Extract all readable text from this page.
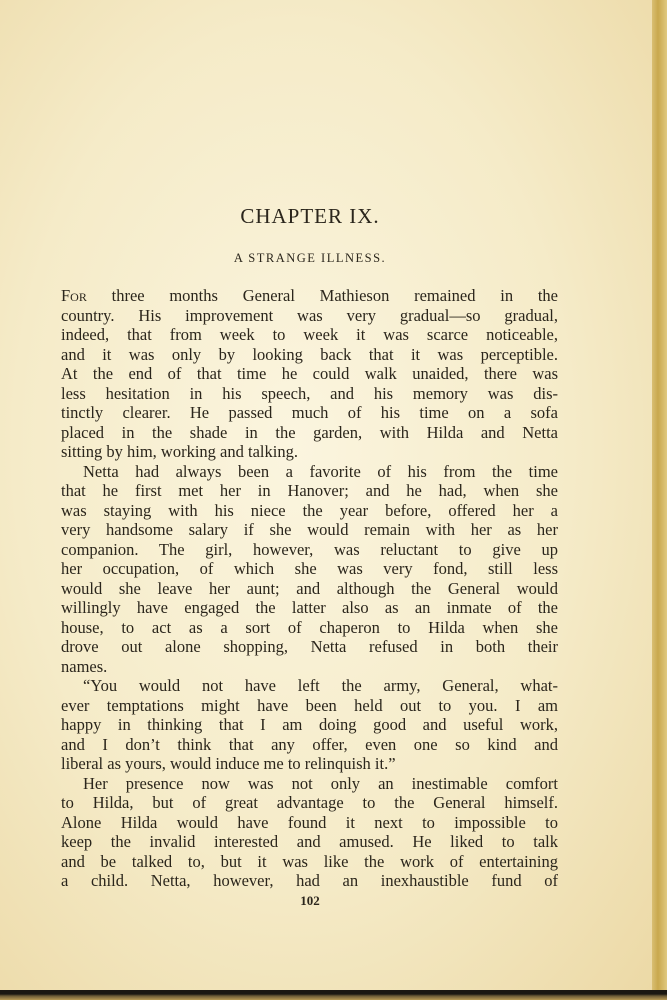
CHAPTER IX.
A STRANGE ILLNESS.
For three months General Mathieson remained in the
country. His improvement was very gradual—so gradual,
indeed, that from week to week it was scarce noticeable,
and it was only by looking back that it was perceptible.
At the end of that time he could walk unaided, there was
less hesitation in his speech, and his memory was dis-
tinctly clearer. He passed much of his time on a sofa
placed in the shade in the garden, with Hilda and Netta
sitting by him, working and talking.
Netta had always been a favorite of his from the time
that he first met her in Hanover; and he had, when she
was staying with his niece the year before, offered her a
very handsome salary if she would remain with her as her
companion. The girl, however, was reluctant to give up
her occupation, of which she was very fond, still less
would she leave her aunt; and although the General would
willingly have engaged the latter also as an inmate of the
house, to act as a sort of chaperon to Hilda when she
drove out alone shopping, Netta refused in both their
names.
“You would not have left the army, General, what-
ever temptations might have been held out to you. I am
happy in thinking that I am doing good and useful work,
and I don’t think that any offer, even one so kind and
liberal as yours, would induce me to relinquish it.”
Her presence now was not only an inestimable comfort
to Hilda, but of great advantage to the General himself.
Alone Hilda would have found it next to impossible to
keep the invalid interested and amused. He liked to talk
and be talked to, but it was like the work of entertaining
a child. Netta, however, had an inexhaustible fund of
102
